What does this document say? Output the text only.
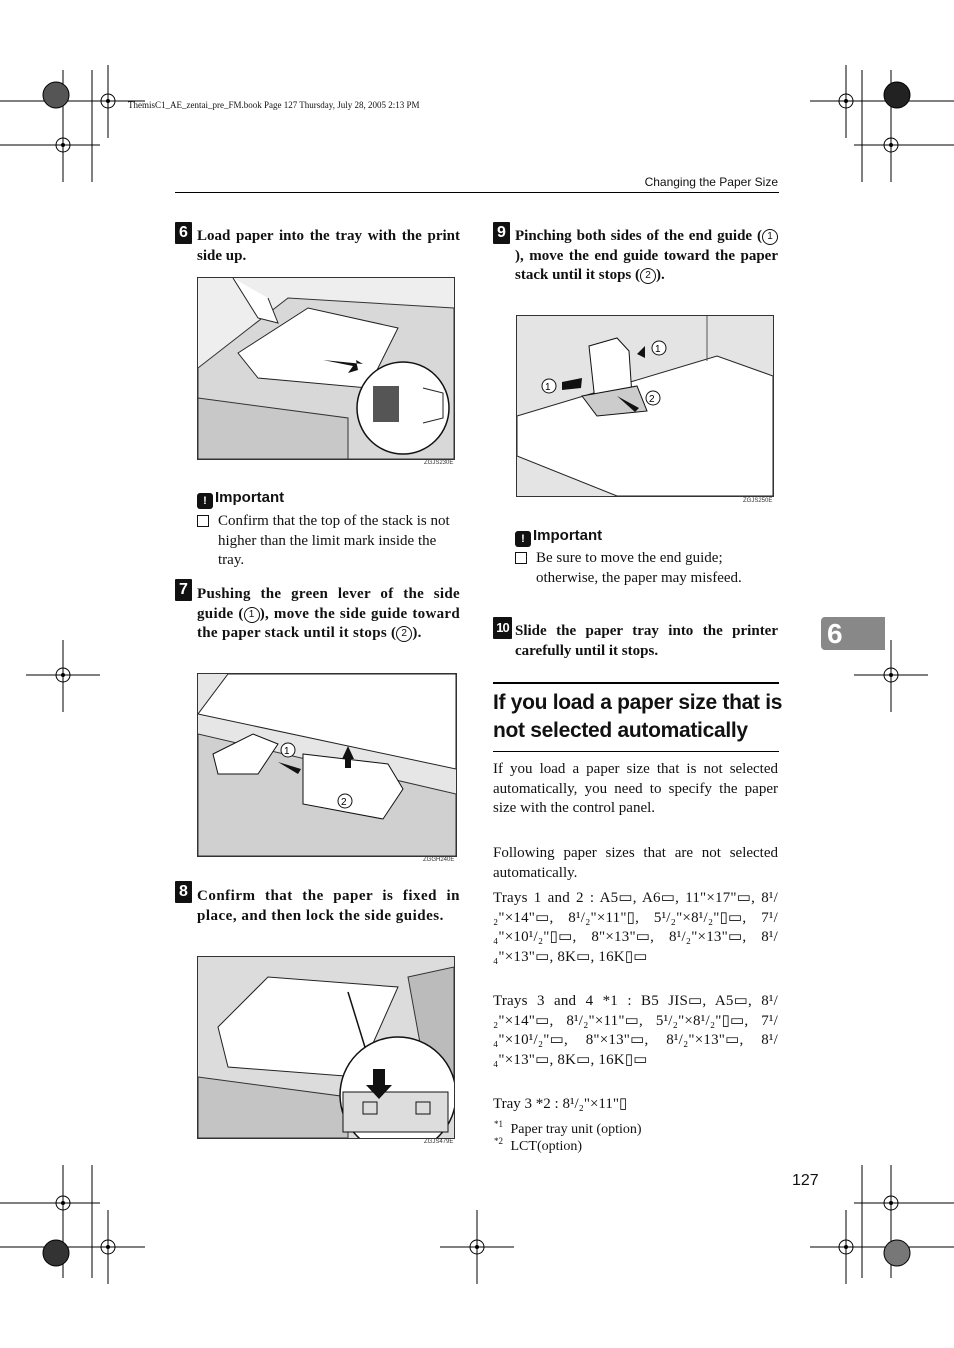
ThemisC1_AE_zentai_pre_FM.book Page 127 Thursday, July 28, 2005 2:13 PM
Changing the Paper Size
6 Load paper into the tray with the print side up.
ZGJS230E
! Important
Confirm that the top of the stack is not higher than the limit mark inside the tray.
7 Pushing the green lever of the side guide ( 1 ), move the side guide toward the paper stack until it stops ( 2 ).
1
2
ZGGH240E
8 Confirm that the paper is fixed in place, and then lock the side guides.
ZGJS479E
9 Pinching both sides of the end guide ( 1), move the end guide toward the paper stack until it stops ( 2 ).
1
1
2
ZGJS250E
! Important
Be sure to move the end guide; otherwise, the paper may misfeed.
10 Slide the paper tray into the printer carefully until it stops.
If you load a paper size that is not selected automatically
If you load a paper size that is not selected automatically, you need to specify the paper size with the control panel.
Following paper sizes that are not selected automatically.
Trays 1 and 2 : A5▭, A6▭, 11"×17"▭, 8¹/₂"×14"▭, 8¹/₂"×11"▯, 5¹/₂"×8¹/₂"▯▭, 7¹/₄"×10¹/₂"▯▭, 8"×13"▭, 8¹/₂"×13"▭, 8¹/₄"×13"▭, 8K▭, 16K▯▭
Trays 3 and 4 *1 : B5 JIS▭, A5▭, 8¹/₂"×14"▭, 8¹/₂"×11"▭, 5¹/₂"×8¹/₂"▯▭, 7¹/₄"×10¹/₂"▭, 8"×13"▭, 8¹/₂"×13"▭, 8¹/₄"×13"▭, 8K▭, 16K▯▭
Tray 3 *2 : 8¹/₂"×11"▯
$^{*1}$ Paper tray unit (option)
$^{*2}$ LCT(option)
6
127
